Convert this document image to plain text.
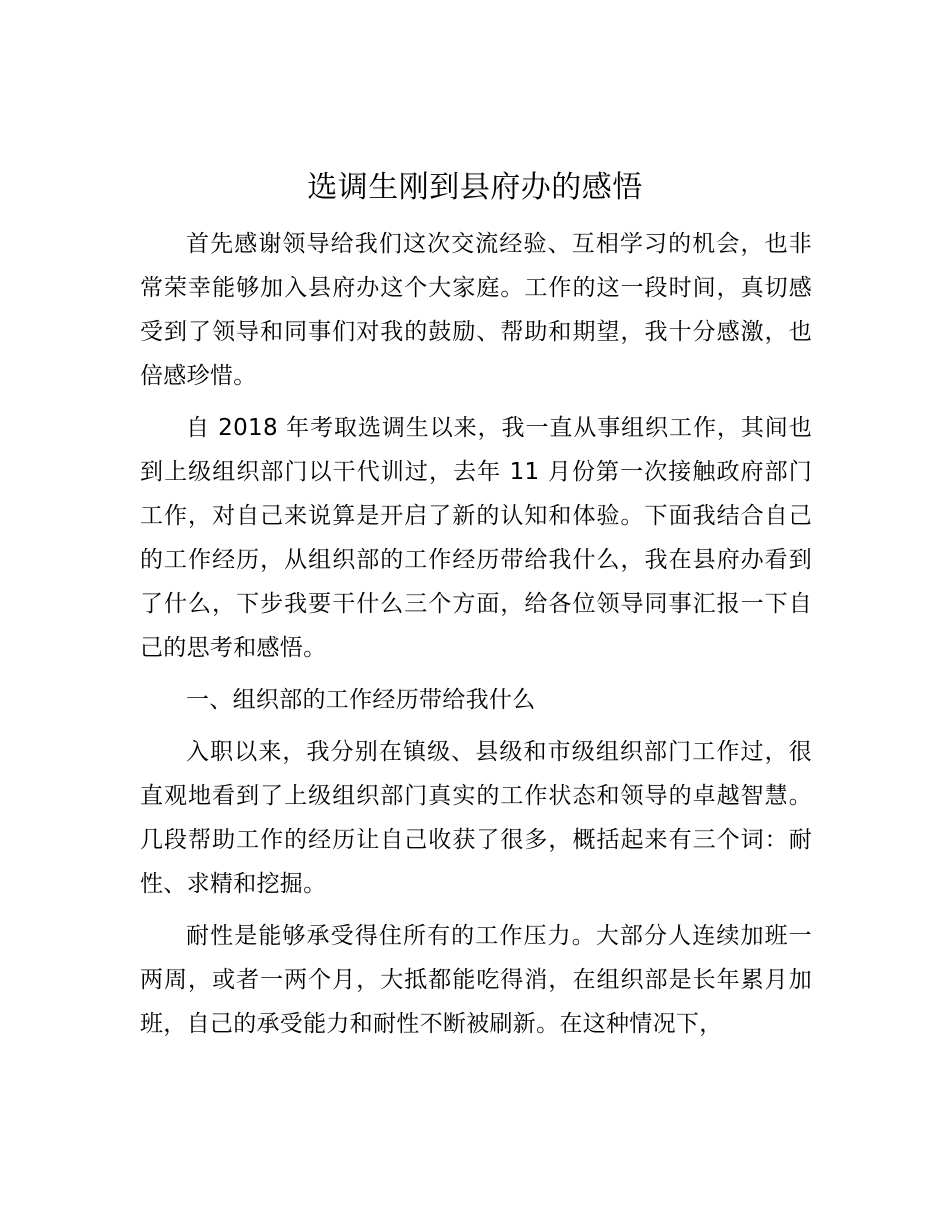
选调生刚到县府办的感悟

首先感谢领导给我们这次交流经验、互相学习的机会，也非常荣幸能够加入县府办这个大家庭。工作的这一段时间，真切感受到了领导和同事们对我的鼓励、帮助和期望，我十分感激，也倍感珍惜。

自 2018 年考取选调生以来，我一直从事组织工作，其间也到上级组织部门以干代训过，去年 11 月份第一次接触政府部门工作，对自己来说算是开启了新的认知和体验。下面我结合自己的工作经历，从组织部的工作经历带给我什么，我在县府办看到了什么，下步我要干什么三个方面，给各位领导同事汇报一下自己的思考和感悟。

一、组织部的工作经历带给我什么

入职以来，我分别在镇级、县级和市级组织部门工作过，很直观地看到了上级组织部门真实的工作状态和领导的卓越智慧。几段帮助工作的经历让自己收获了很多，概括起来有三个词：耐性、求精和挖掘。

耐性是能够承受得住所有的工作压力。大部分人连续加班一两周，或者一两个月，大抵都能吃得消，在组织部是长年累月加班，自己的承受能力和耐性不断被刷新。在这种情况下，
